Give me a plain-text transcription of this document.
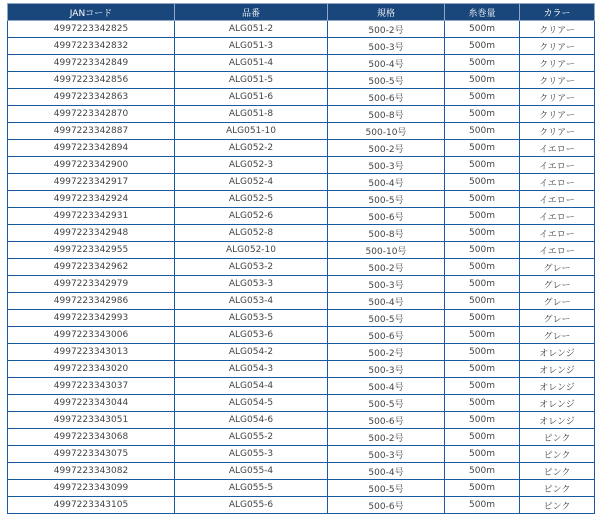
JANコード	品番	規格	糸巻量	カラー
4997223342825	ALG051-2	500-2号	500m	クリアー
4997223342832	ALG051-3	500-3号	500m	クリアー
4997223342849	ALG051-4	500-4号	500m	クリアー
4997223342856	ALG051-5	500-5号	500m	クリアー
4997223342863	ALG051-6	500-6号	500m	クリアー
4997223342870	ALG051-8	500-8号	500m	クリアー
4997223342887	ALG051-10	500-10号	500m	クリアー
4997223342894	ALG052-2	500-2号	500m	イエロー
4997223342900	ALG052-3	500-3号	500m	イエロー
4997223342917	ALG052-4	500-4号	500m	イエロー
4997223342924	ALG052-5	500-5号	500m	イエロー
4997223342931	ALG052-6	500-6号	500m	イエロー
4997223342948	ALG052-8	500-8号	500m	イエロー
4997223342955	ALG052-10	500-10号	500m	イエロー
4997223342962	ALG053-2	500-2号	500m	グレー
4997223342979	ALG053-3	500-3号	500m	グレー
4997223342986	ALG053-4	500-4号	500m	グレー
4997223342993	ALG053-5	500-5号	500m	グレー
4997223343006	ALG053-6	500-6号	500m	グレー
4997223343013	ALG054-2	500-2号	500m	オレンジ
4997223343020	ALG054-3	500-3号	500m	オレンジ
4997223343037	ALG054-4	500-4号	500m	オレンジ
4997223343044	ALG054-5	500-5号	500m	オレンジ
4997223343051	ALG054-6	500-6号	500m	オレンジ
4997223343068	ALG055-2	500-2号	500m	ピンク
4997223343075	ALG055-3	500-3号	500m	ピンク
4997223343082	ALG055-4	500-4号	500m	ピンク
4997223343099	ALG055-5	500-5号	500m	ピンク
4997223343105	ALG055-6	500-6号	500m	ピンク
